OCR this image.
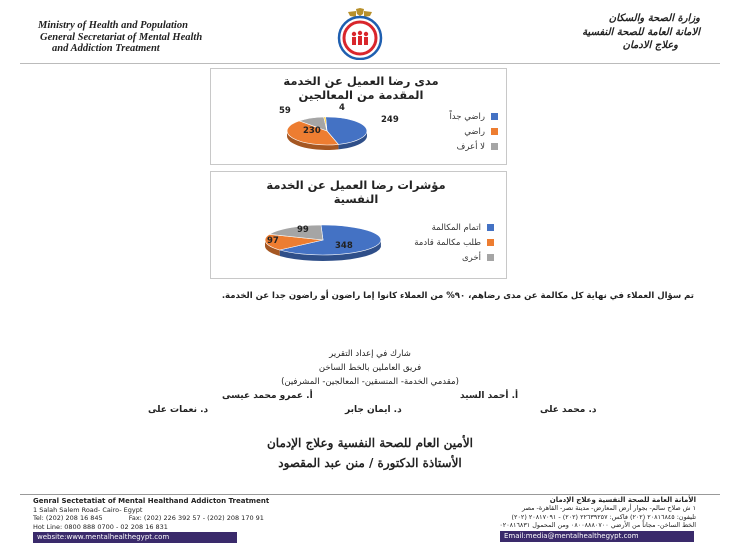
Ministry of Health and Population
General Secretariat of Mental Health
and Addiction Treatment
وزارة الصحة والسكان
الامانة العامة للصحة النفسية
وعلاج الادمان
مدى رضا العميل عن الخدمة المقدمة من المعالجين
4
59
249
230
راضي جداً
راضي
لا أعرف
مؤشرات رضا العميل عن الخدمة النفسية
99
97	348
اتمام المكالمة
طلب مكالمة قادمة
أخرى
تم سؤال العملاء في نهاية كل مكالمة عن مدى رضاهم، ٩٠% من العملاء كانوا إما راضون أو راضون جدا عن الخدمة.
شارك في إعداد التقرير
فريق العاملين بالخط الساخن
(مقدمي الخدمة- المنسقين- المعالجين- المشرفين)
أ. أحمد السيد
أ. عمرو محمد عيسى
د. محمد على
د. ايمان جابر
د. نعمات على
الأمين العام للصحة النفسية وعلاج الإدمان
الأستاذة الدكتورة / منن عبد المقصود
Genral Sectetatiat of Mental Healthand Addicton Treatment
1 Salah Salem Road- Cairo- Egypt
Tel: (202) 208 16 845	Fax: (202) 226 392 57 - (202) 208 170 91
Hot Line: 0800 888 0700 - 02 208 16 831
website:www.mentalhealthegypt.com
الأمانة العامة للصحة النفسية وعلاج الإدمان
١ ش صلاح سالم- بجوار أرض المعارض- مدينة نصر- القاهرة- مصر
تليفون: ٢٠٨١٦٨٤٥ (٢٠٢) فاكس: ٢٢٦٣٩٢٥٧ (٢٠٢) - ٢٠٨١٧٠٩١ (٢٠٢)
الخط الساخن- مجاناً من الأرضي ٠٨٠٠٨٨٨٠٧٠٠ ومن المحمول ٠٢٠٨١٦٨٣١
Email:media@mentalhealthegypt.com
